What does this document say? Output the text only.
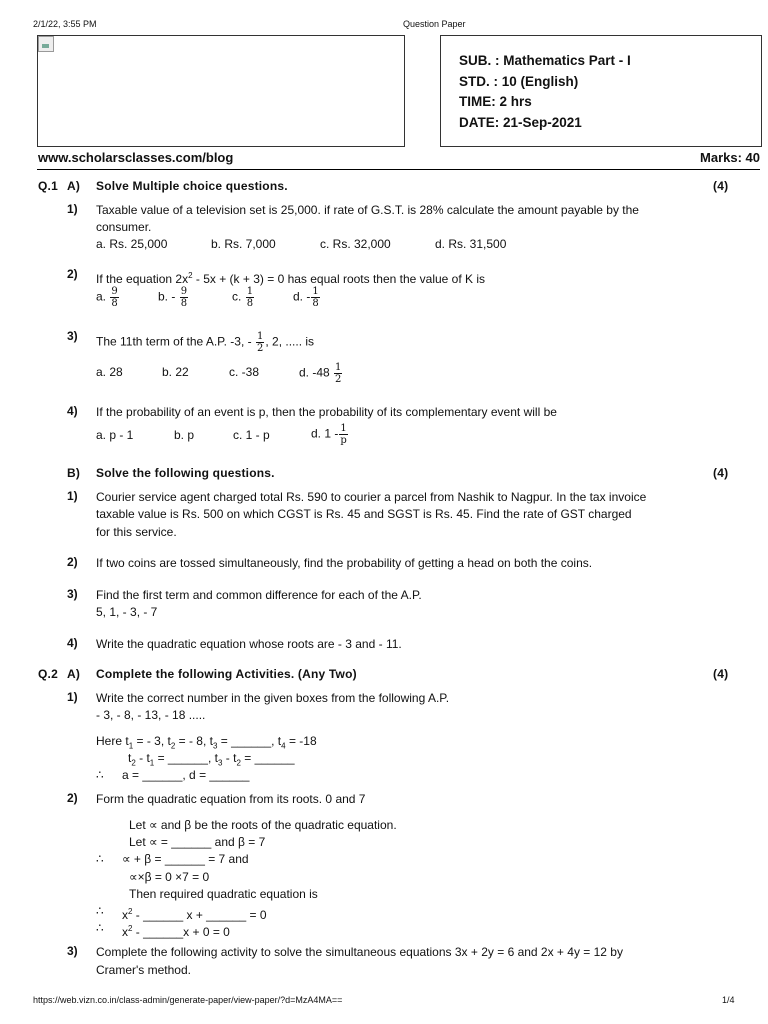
2/1/22, 3:55 PM	Question Paper
SUB. : Mathematics Part - I
STD. : 10 (English)
TIME: 2 hrs
DATE: 21-Sep-2021
www.scholarsclasses.com/blog	Marks: 40
Q.1 A) Solve Multiple choice questions.	(4)
1) Taxable value of a television set is 25,000. if rate of G.S.T. is 28% calculate the amount payable by the
consumer.
a. Rs. 25,000	b. Rs. 7,000	c. Rs. 32,000	d. Rs. 31,500
2) If the equation $2x^2 - 5x + (k + 3) = 0$ has equal roots then the value of K is
a. $\frac{9}{8}$	b. - $\frac{9}{8}$	c. $\frac{1}{8}$	d. - $\frac{1}{8}$
3) The 11th term of the A.P. -3, - $\frac{1}{2}$ , 2, ..... is
a. 28	b. 22	c. -38	d. $-48 \frac{1}{2}$
4) If the probability of an event is p, then the probability of its complementary event will be
a. p - 1	b. p	c. 1 - p	d. $1 - \frac{1}{p}$
B) Solve the following questions.	(4)
1) Courier service agent charged total Rs. 590 to courier a parcel from Nashik to Nagpur. In the tax invoice
taxable value is Rs. 500 on which CGST is Rs. 45 and SGST is Rs. 45. Find the rate of GST charged
for this service.
2) If two coins are tossed simultaneously, find the probability of getting a head on both the coins.
3) Find the first term and common difference for each of the A.P.
5, 1, - 3, - 7
4) Write the quadratic equation whose roots are - 3 and - 11.
Q.2 A) Complete the following Activities. (Any Two)	(4)
1) Write the correct number in the given boxes from the following A.P.
- 3, - 8, - 13, - 18 .....
Here $t_1$ = - 3, $t_2$ = - 8, $t_3$ = ______, $t_4 = -18$
$t_2 - t_1$ = ______, $t_3 - t_2$ = ______
∴ a = ______, d = ______
2) Form the quadratic equation from its roots. 0 and 7
Let ∝ and β be the roots of the quadratic equation.
Let ∝ = ______ and β = 7
∴ ∝ + β = ______ = 7 and
∝×β = 0 ×7 = 0
Then required quadratic equation is
∴ $x^2$ - ______ x + ______ = 0
∴ $x^2$ - ______x + 0 = 0
3) Complete the following activity to solve the simultaneous equations 3x + 2y = 6 and 2x + 4y = 12 by
Cramer's method.
https://web.vizn.co.in/class-admin/generate-paper/view-paper/?d=MzA4MA==	1/4
